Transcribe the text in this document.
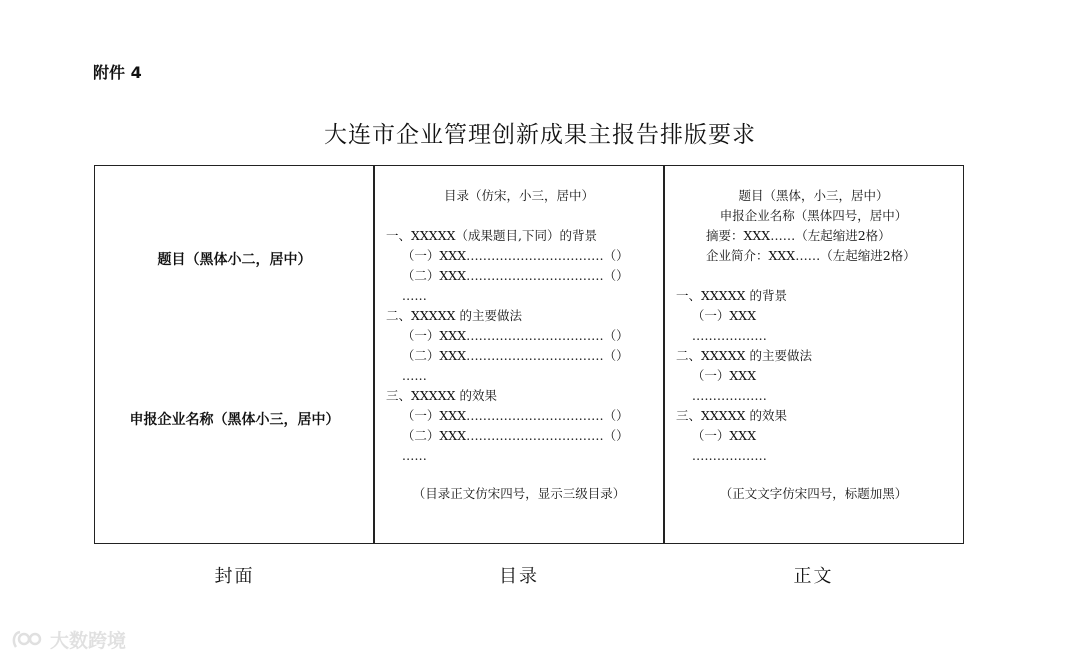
附件 4
大连市企业管理创新成果主报告排版要求
题目（黑体小二，居中）
申报企业名称（黑体小三，居中）
目录（仿宋，小三，居中）
一、XXXXX（成果题目,下同）的背景
（一）XXX……………………………（）
（二）XXX……………………………（）
……
二、XXXXX 的主要做法
（一）XXX……………………………（）
（二）XXX……………………………（）
……
三、XXXXX 的效果
（一）XXX……………………………（）
（二）XXX……………………………（）
……
（目录正文仿宋四号，显示三级目录）
题目（黑体，小三，居中）
申报企业名称（黑体四号，居中）
摘要：XXX……（左起缩进2格）
企业简介：XXX……（左起缩进2格）
一、XXXXX 的背景
（一）XXX
………………
二、XXXXX 的主要做法
（一）XXX
………………
三、XXXXX 的效果
（一）XXX
………………
（正文文字仿宋四号，标题加黑）
封面	目录	正文
大数跨境
